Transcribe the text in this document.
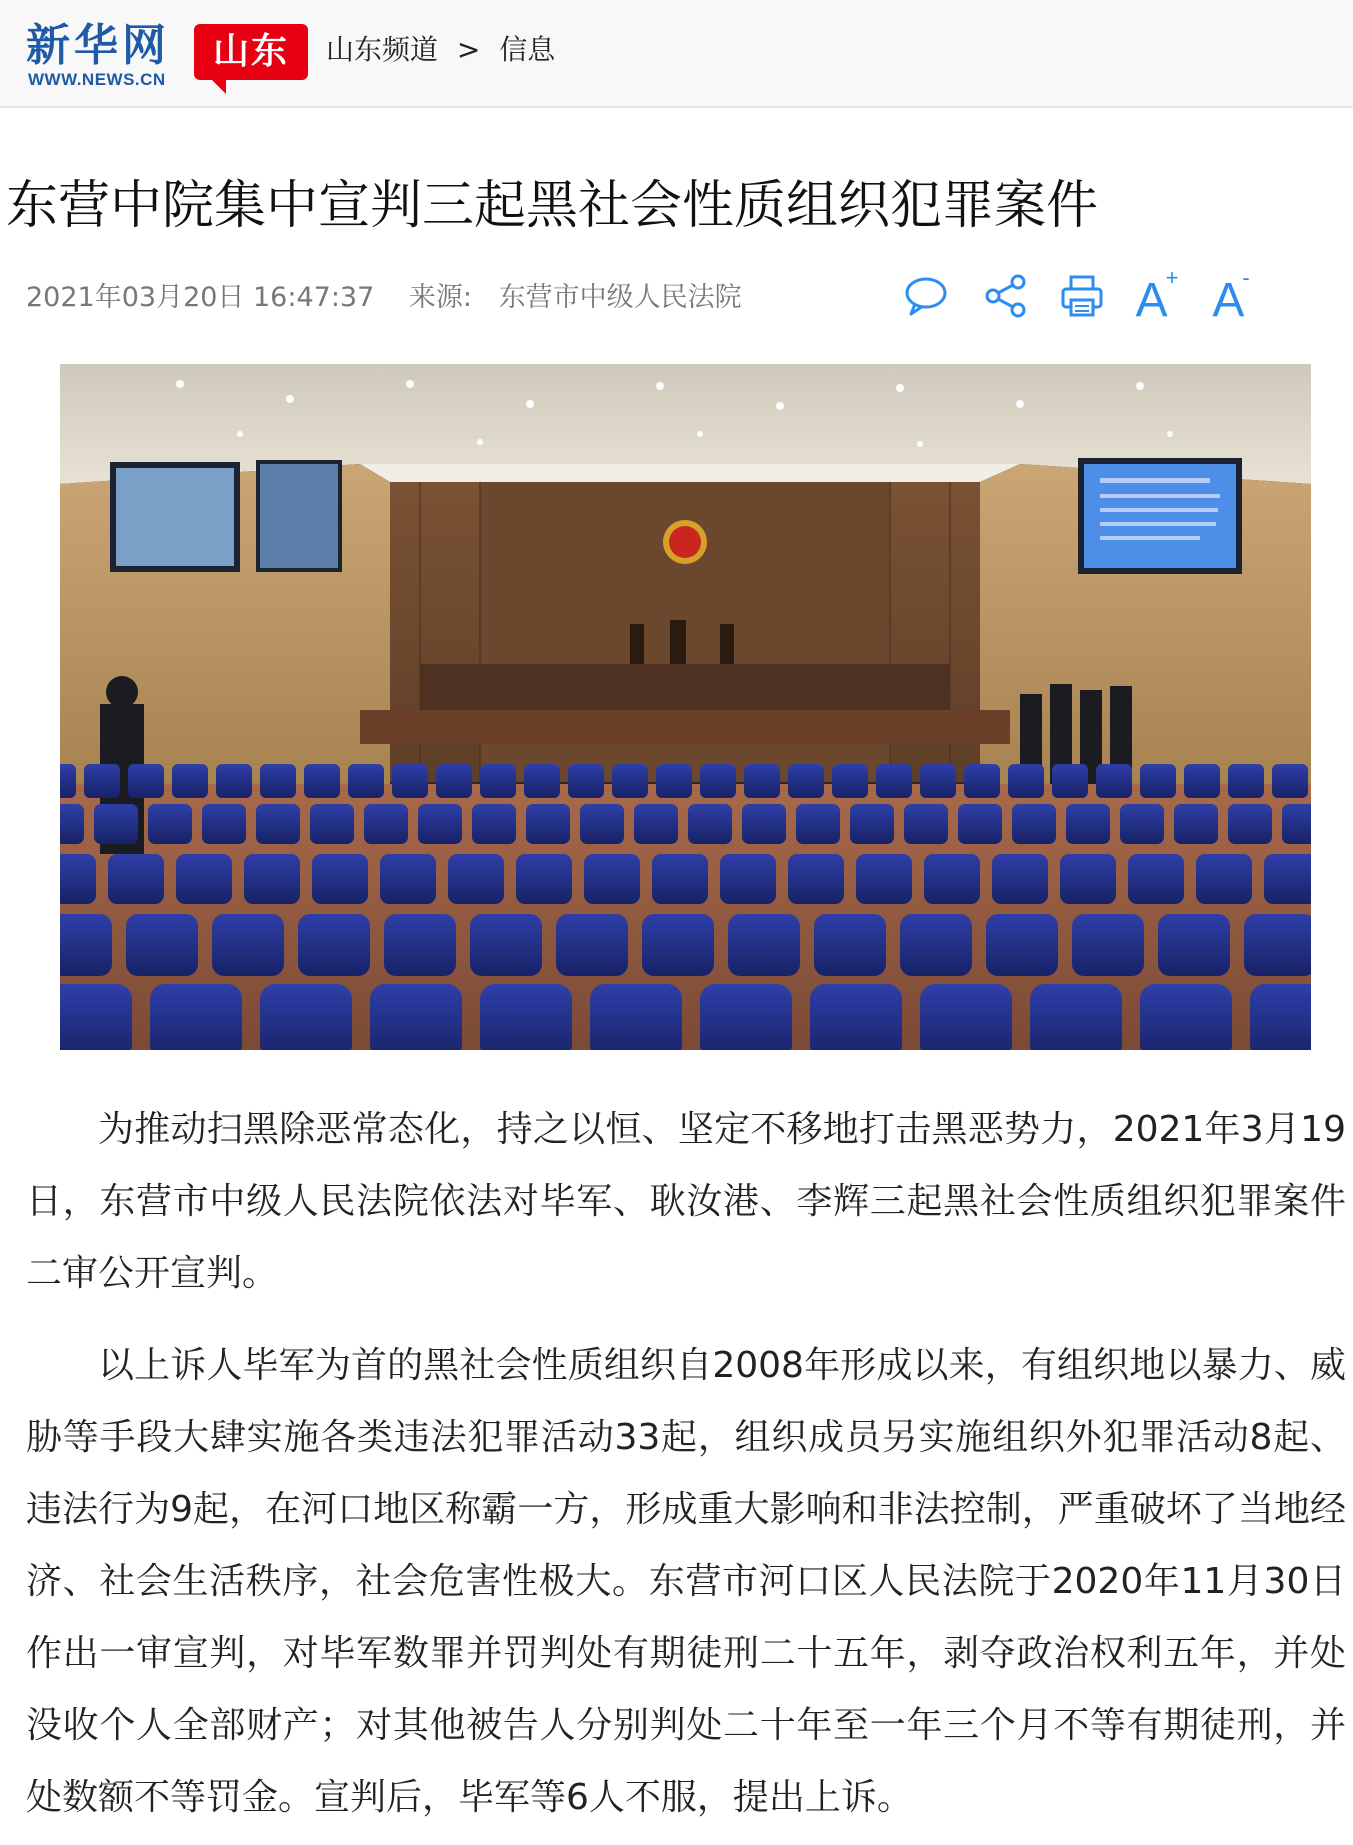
新华网
WWW.NEWS.CN
山东	山东频道 > 信息
东营中院集中宣判三起黑社会性质组织犯罪案件
2021年03月20日 16:47:37 来源: 东营市中级人民法院	A+ A-

为推动扫黑除恶常态化，持之以恒、坚定不移地打击黑恶势力，2021年3月19日，东营市中级人民法院依法对毕军、耿汝港、李辉三起黑社会性质组织犯罪案件二审公开宣判。

以上诉人毕军为首的黑社会性质组织自2008年形成以来，有组织地以暴力、威胁等手段大肆实施各类违法犯罪活动33起，组织成员另实施组织外犯罪活动8起、违法行为9起，在河口地区称霸一方，形成重大影响和非法控制，严重破坏了当地经济、社会生活秩序，社会危害性极大。东营市河口区人民法院于2020年11月30日作出一审宣判，对毕军数罪并罚判处有期徒刑二十五年，剥夺政治权利五年，并处没收个人全部财产；对其他被告人分别判处二十年至一年三个月不等有期徒刑，并处数额不等罚金。宣判后，毕军等6人不服，提出上诉。
